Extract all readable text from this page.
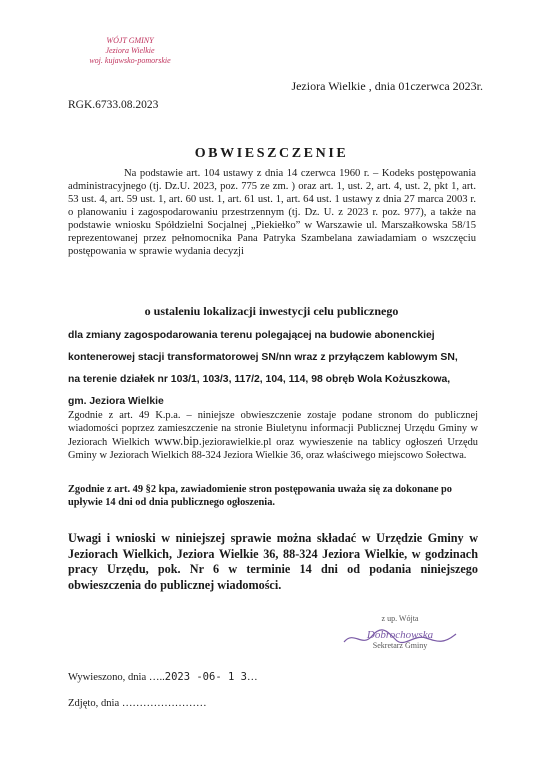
WÓJT GMINY
Jeziora Wielkie
woj. kujawsko-pomorskie
Jeziora Wielkie , dnia 01czerwca 2023r.
RGK.6733.08.2023
OBWIESZCZENIE
Na podstawie art. 104 ustawy z dnia 14 czerwca 1960 r. – Kodeks postępowania administracyjnego (tj. Dz.U. 2023, poz. 775 ze zm. ) oraz art. 1, ust. 2, art. 4, ust. 2, pkt 1, art. 53 ust. 4, art. 59 ust. 1, art. 60 ust. 1, art. 61 ust. 1, art. 64 ust. 1 ustawy z dnia 27 marca 2003 r. o planowaniu i zagospodarowaniu przestrzennym (tj. Dz. U. z 2023 r. poz. 977), a także na podstawie wniosku Spółdzielni Socjalnej „Piekiełko” w Warszawie ul. Marszałkowska 58/15 reprezentowanej przez pełnomocnika Pana Patryka Szambelana zawiadamiam o wszczęciu postępowania w sprawie wydania decyzji
o ustaleniu lokalizacji inwestycji celu publicznego
dla zmiany zagospodarowania terenu polegającej na budowie abonenckiej
kontenerowej stacji transformatorowej SN/nn wraz z przyłączem kablowym SN,
na terenie działek nr 103/1, 103/3, 117/2, 104, 114, 98 obręb Wola Kożuszkowa,
gm. Jeziora Wielkie
Zgodnie z art. 49 K.p.a. – niniejsze obwieszczenie zostaje podane stronom do publicznej wiadomości poprzez zamieszczenie na stronie Biuletynu informacji Publicznej Urzędu Gminy w Jeziorach Wielkich www.bip.jeziorawielkie.pl oraz wywieszenie na tablicy ogłoszeń Urzędu Gminy w Jeziorach Wielkich 88-324 Jeziora Wielkie 36, oraz właściwego miejscowo Sołectwa.
Zgodnie z art. 49 §2 kpa, zawiadomienie stron postępowania uważa się za dokonane po upływie 14 dni od dnia publicznego ogłoszenia.
Uwagi i wnioski w niniejszej sprawie można składać w Urzędzie Gminy w Jeziorach Wielkich, Jeziora Wielkie 36, 88-324 Jeziora Wielkie, w godzinach pracy Urzędu, pok. Nr 6 w terminie 14 dni od podania niniejszego obwieszczenia do publicznej wiadomości.
z up. Wójta
Dobrochowska
Sekretarz Gminy
Wywieszono, dnia …..2023 -06- 1 3…
Zdjęto, dnia ……………………
